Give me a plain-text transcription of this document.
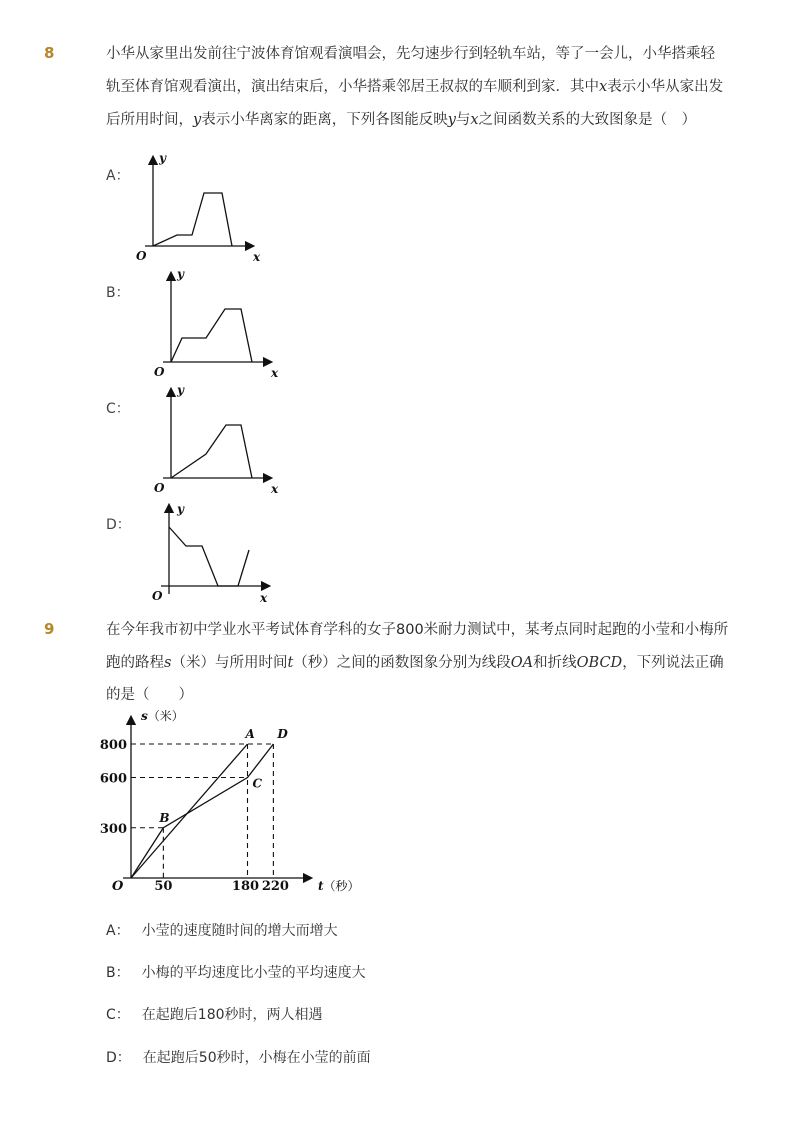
8	小华从家里出发前往宁波体育馆观看演唱会，先匀速步行到轻轨车站，等了一会儿，小华搭乘轻
轨至体育馆观看演出，演出结束后，小华搭乘邻居王叔叔的车顺利到家．其中x表示小华从家出发
后所用时间，y表示小华离家的距离，下列各图能反映y与x之间函数关系的大致图象是（　）
A：
O	x
y
B：
O	x
y
C：
O	x
y
D：
O	x
y
9	在今年我市初中学业水平考试体育学科的女子800米耐力测试中，某考点同时起跑的小莹和小梅所
跑的路程s（米）与所用时间t（秒）之间的函数图象分别为线段OA和折线OBCD，下列说法正确
的是（　　）
300
600
800
50	180 220
A
B
C
D
O
s（米）
t（秒）
A： 小莹的速度随时间的增大而增大
B： 小梅的平均速度比小莹的平均速度大
C： 在起跑后180秒时，两人相遇
D： 在起跑后50秒时，小梅在小莹的前面
